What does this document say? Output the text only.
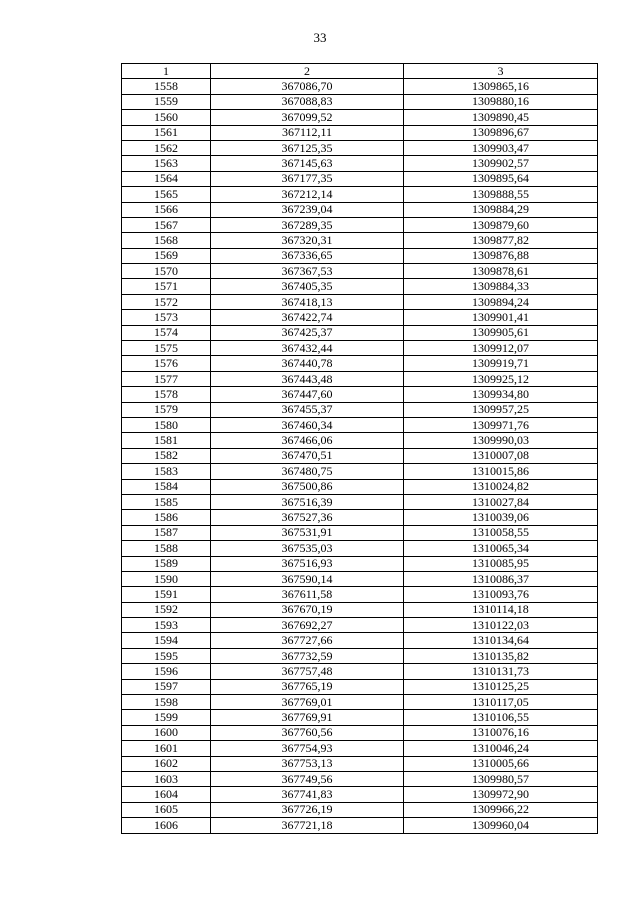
33
1	2	3
1558	367086,70	1309865,16
1559	367088,83	1309880,16
1560	367099,52	1309890,45
1561	367112,11	1309896,67
1562	367125,35	1309903,47
1563	367145,63	1309902,57
1564	367177,35	1309895,64
1565	367212,14	1309888,55
1566	367239,04	1309884,29
1567	367289,35	1309879,60
1568	367320,31	1309877,82
1569	367336,65	1309876,88
1570	367367,53	1309878,61
1571	367405,35	1309884,33
1572	367418,13	1309894,24
1573	367422,74	1309901,41
1574	367425,37	1309905,61
1575	367432,44	1309912,07
1576	367440,78	1309919,71
1577	367443,48	1309925,12
1578	367447,60	1309934,80
1579	367455,37	1309957,25
1580	367460,34	1309971,76
1581	367466,06	1309990,03
1582	367470,51	1310007,08
1583	367480,75	1310015,86
1584	367500,86	1310024,82
1585	367516,39	1310027,84
1586	367527,36	1310039,06
1587	367531,91	1310058,55
1588	367535,03	1310065,34
1589	367516,93	1310085,95
1590	367590,14	1310086,37
1591	367611,58	1310093,76
1592	367670,19	1310114,18
1593	367692,27	1310122,03
1594	367727,66	1310134,64
1595	367732,59	1310135,82
1596	367757,48	1310131,73
1597	367765,19	1310125,25
1598	367769,01	1310117,05
1599	367769,91	1310106,55
1600	367760,56	1310076,16
1601	367754,93	1310046,24
1602	367753,13	1310005,66
1603	367749,56	1309980,57
1604	367741,83	1309972,90
1605	367726,19	1309966,22
1606	367721,18	1309960,04
